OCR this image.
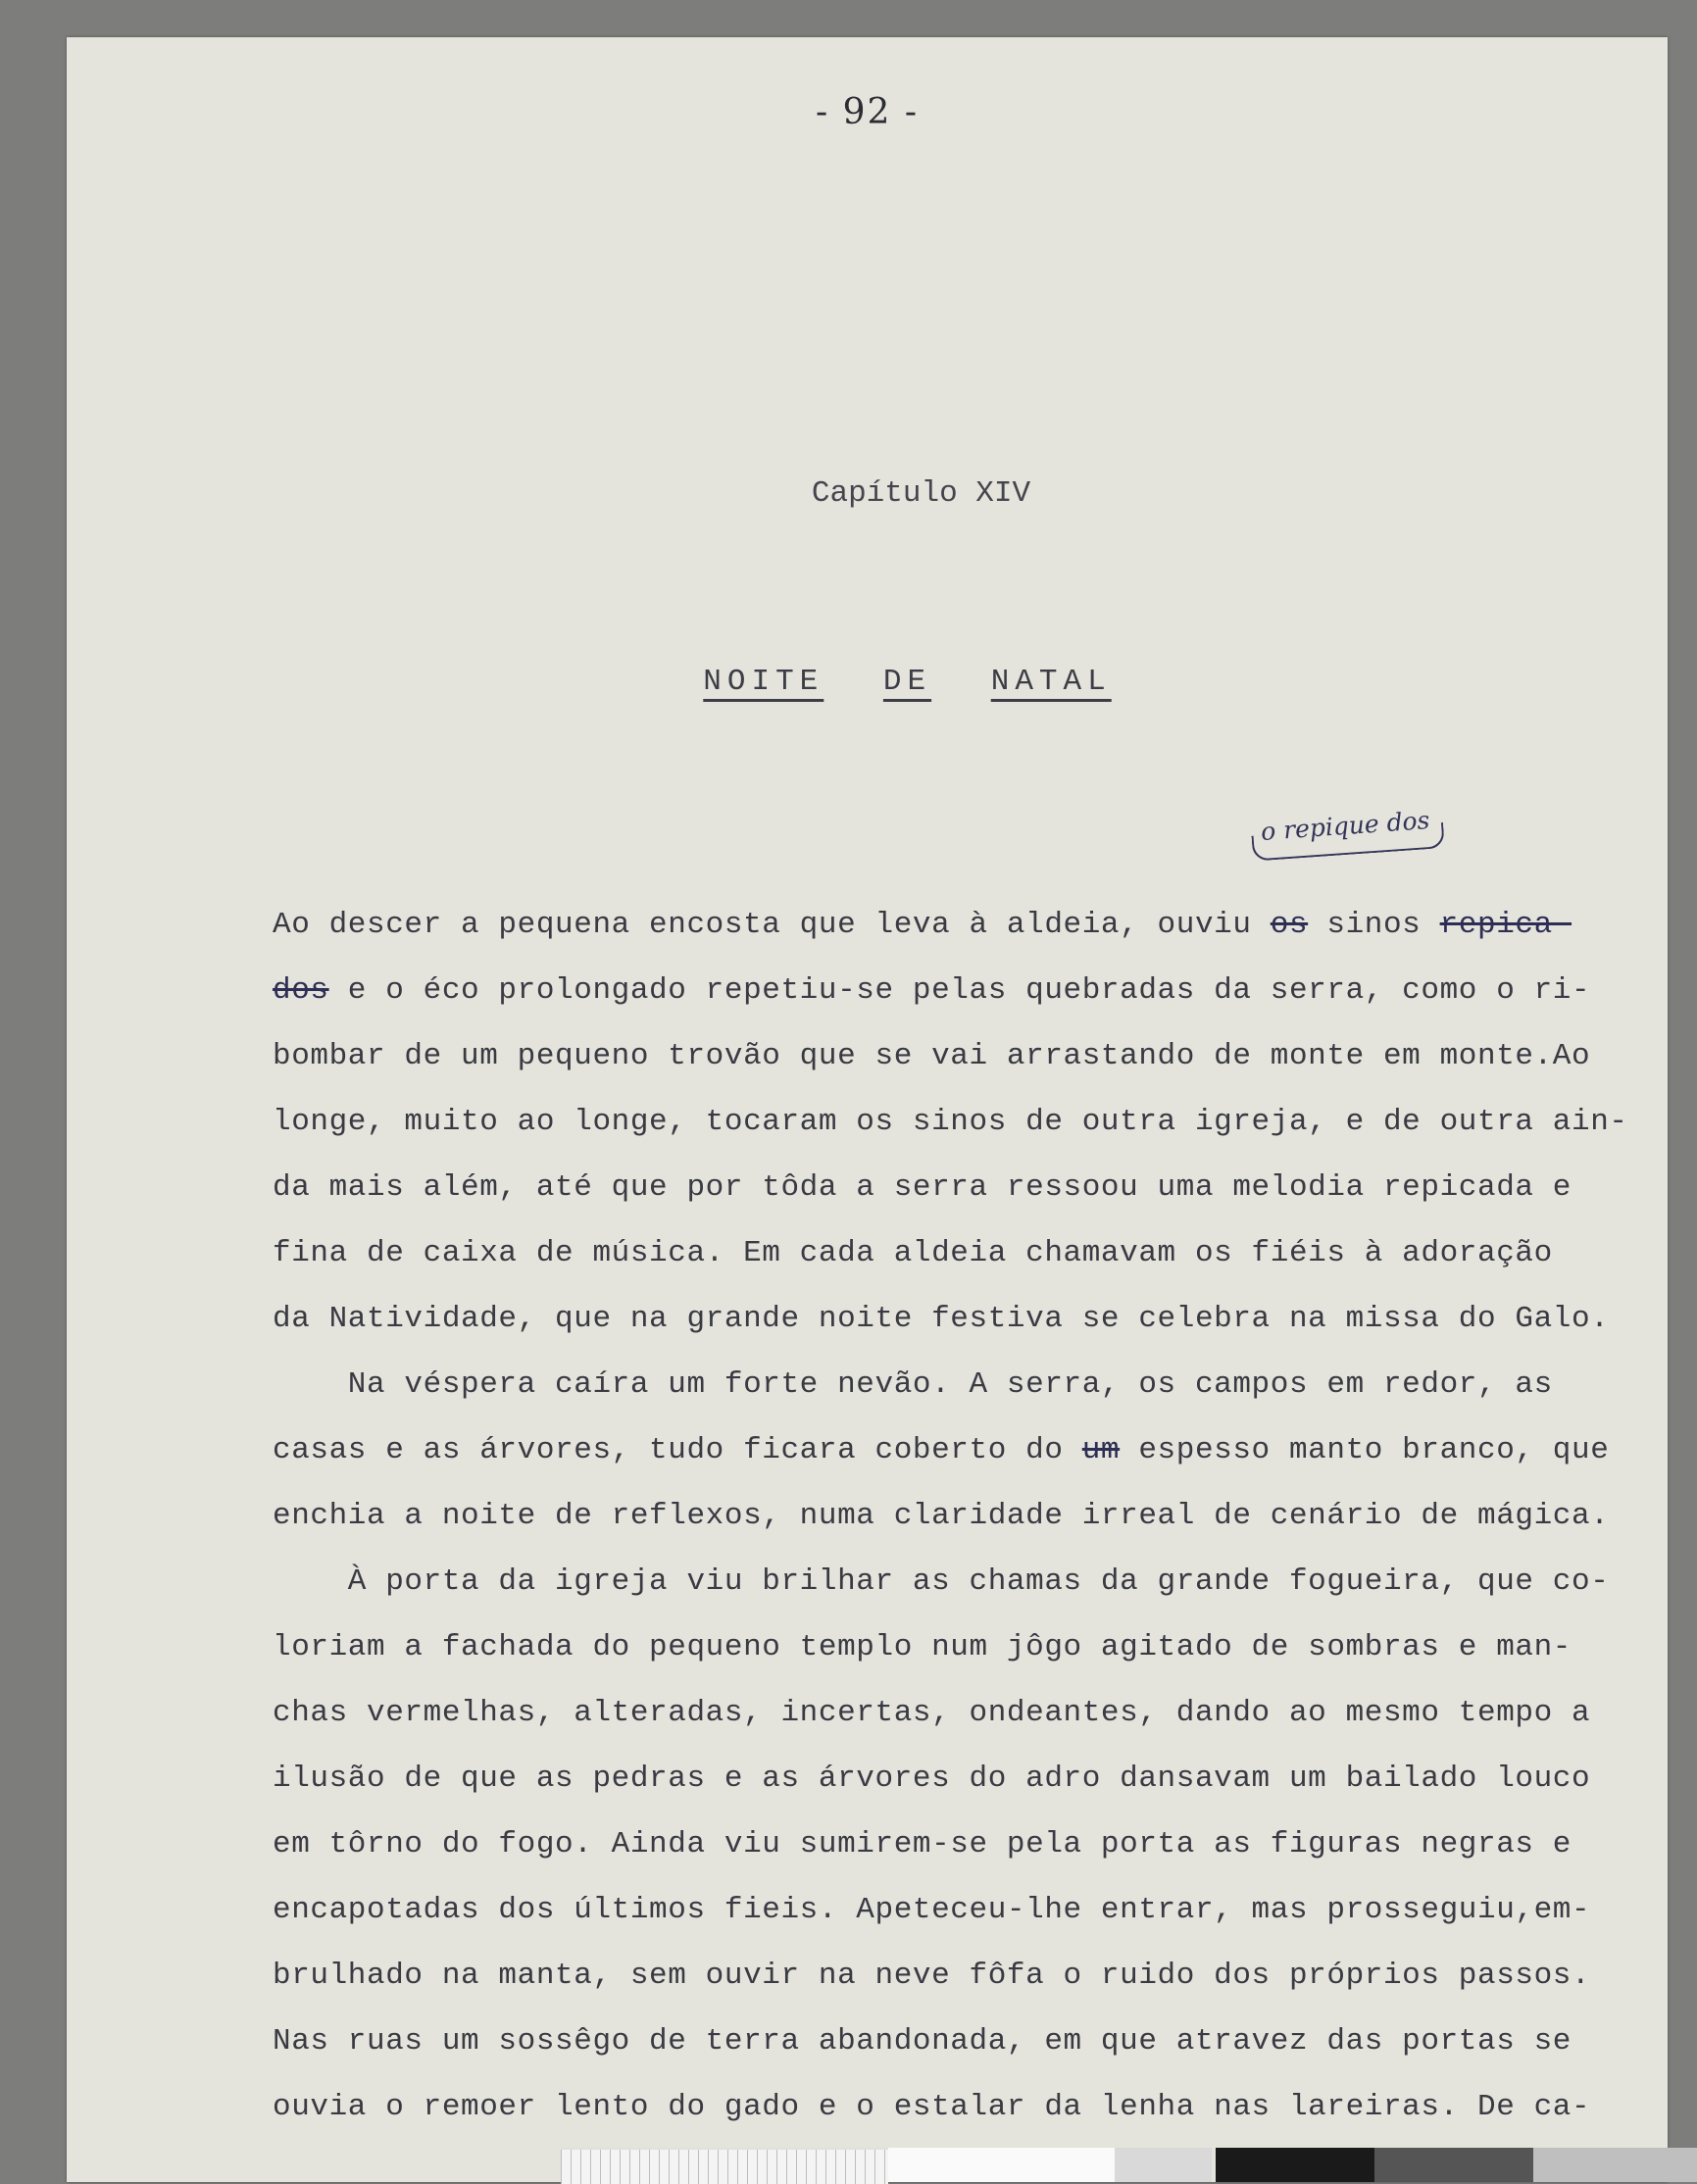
- 92 -
Capítulo XIV
NOITE DE NATAL
o repique dos
Ao descer a pequena encosta que leva à aldeia, ouviu os sinos repica-
dos e o éco prolongado repetiu-se pelas quebradas da serra, como o ri-
bombar de um pequeno trovão que se vai arrastando de monte em monte.Ao
longe, muito ao longe, tocaram os sinos de outra igreja, e de outra ain-
da mais além, até que por tôda a serra ressoou uma melodia repicada e
fina de caixa de música. Em cada aldeia chamavam os fiéis à adoração
da Natividade, que na grande noite festiva se celebra na missa do Galo.
Na véspera caíra um forte nevão. A serra, os campos em redor, as
casas e as árvores, tudo ficara coberto do um espesso manto branco, que
enchia a noite de reflexos, numa claridade irreal de cenário de mágica.
À porta da igreja viu brilhar as chamas da grande fogueira, que co-
loriam a fachada do pequeno templo num jôgo agitado de sombras e man-
chas vermelhas, alteradas, incertas, ondeantes, dando ao mesmo tempo a
ilusão de que as pedras e as árvores do adro dansavam um bailado louco
em tôrno do fogo. Ainda viu sumirem-se pela porta as figuras negras e
encapotadas dos últimos fieis. Apeteceu-lhe entrar, mas prosseguiu,em-
brulhado na manta, sem ouvir na neve fôfa o ruido dos próprios passos.
Nas ruas um sossêgo de terra abandonada, em que atravez das portas se
ouvia o remoer lento do gado e o estalar da lenha nas lareiras. De ca-
